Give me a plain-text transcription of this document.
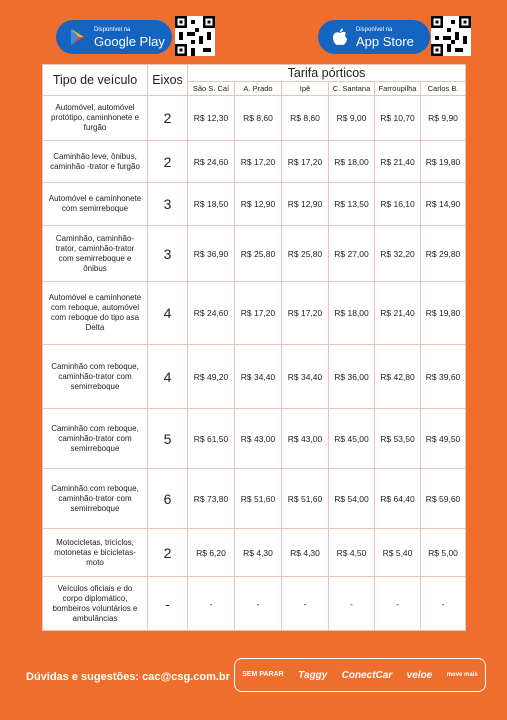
Disponível na
Google Play
Disponível na
App Store
Tipo de veículo	Eixos	Tarifa pórticos					
		São S. Caí	A. Prado	Ipê	C. Santana	Farroupilha	Carlos B.
Automóvel, automóvel protótipo, caminhonete e furgão	2	R$ 12,30	R$ 8,60	R$ 8,60	R$ 9,00	R$ 10,70	R$ 9,90
Caminhão leve, ônibus, caminhão -trator e furgão	2	R$ 24,60	R$ 17,20	R$ 17,20	R$ 18,00	R$ 21,40	R$ 19,80
Automóvel e caminhonete com semirreboque	3	R$ 18,50	R$ 12,90	R$ 12,90	R$ 13,50	R$ 16,10	R$ 14,90
Caminhão, caminhão-trator, caminhão-trator com semirreboque e ônibus	3	R$ 36,90	R$ 25,80	R$ 25,80	R$ 27,00	R$ 32,20	R$ 29,80
Automóvel e caminhonete com reboque, automóvel com reboque do tipo asa Delta	4	R$ 24,60	R$ 17,20	R$ 17,20	R$ 18,00	R$ 21,40	R$ 19,80
Caminhão com reboque, caminhão-trator com semirreboque	4	R$ 49,20	R$ 34,40	R$ 34,40	R$ 36,00	R$ 42,80	R$ 39,60
Caminhão com reboque, caminhão-trator com semirreboque	5	R$ 61,50	R$ 43,00	R$ 43,00	R$ 45,00	R$ 53,50	R$ 49,50
Caminhão com reboque, caminhão-trator com semirreboque	6	R$ 73,80	R$ 51,60	R$ 51,60	R$ 54,00	R$ 64,40	R$ 59,60
Motocicletas, triciclos, motonetas e bicicletas-moto	2	R$ 6,20	R$ 4,30	R$ 4,30	R$ 4,50	R$ 5,40	R$ 5,00
Veículos oficiais e do corpo diplomático, bombeiros voluntários e ambulâncias	-	-	-	-	-	-	-
Dúvidas e sugestões: cac@csg.com.br SEM PARAR Taggy ConectCar veloe move mais
